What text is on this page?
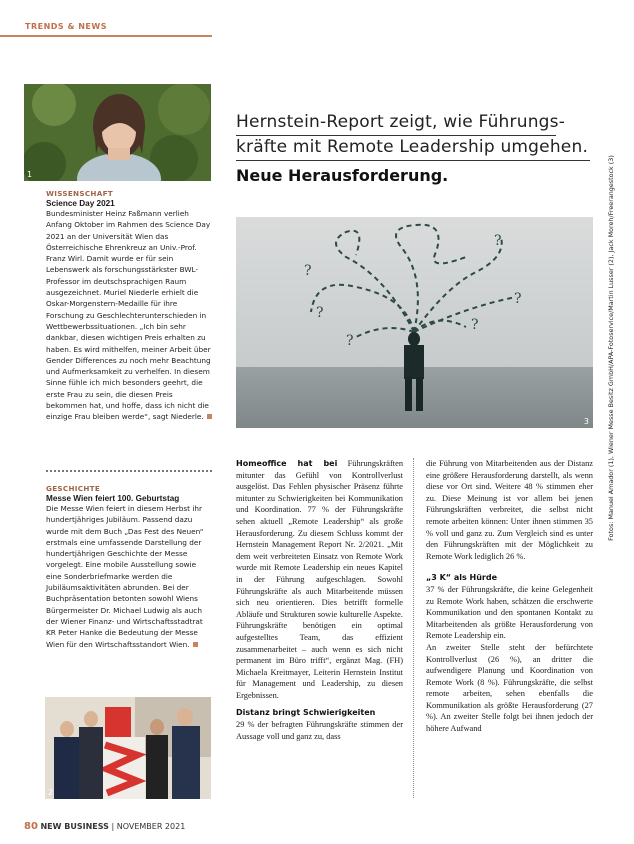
TRENDS & NEWS
1
WISSENSCHAFT
Science Day 2021
Bundesminister Heinz Faßmann verlieh Anfang Oktober im Rahmen des Science Day 2021 an der Universität Wien das Österreichische Ehrenkreuz an Univ.-Prof. Franz Wirl. Damit wurde er für sein Lebenswerk als forschungsstärkster BWL-Professor im deutschsprachigen Raum ausgezeichnet. Muriel Niederle erhielt die Oskar-Morgenstern-Medaille für ihre Forschung zu Geschlechterunterschieden in Wettbewerbssituationen. „Ich bin sehr dankbar, diesen wichtigen Preis erhalten zu haben. Es wird mithelfen, meiner Arbeit über Gender Differences zu noch mehr Beachtung und Aufmerksamkeit zu verhelfen. In diesem Sinne fühle ich mich besonders geehrt, die erste Frau zu sein, die diesen Preis bekommen hat, und hoffe, dass ich nicht die einzige Frau bleiben werde“, sagt Niederle.
GESCHICHTE
Messe Wien feiert 100. Geburtstag
Die Messe Wien feiert in diesem Herbst ihr hundertjähriges Jubiläum. Passend dazu wurde mit dem Buch „Das Fest des Neuen“ erstmals eine umfassende Darstellung der hundertjährigen Geschichte der Messe vorgelegt. Eine mobile Ausstellung sowie eine Sonderbriefmarke werden die Jubiläumsaktivitäten abrunden. Bei der Buchpräsentation betonten sowohl Wiens Bürgermeister Dr. Michael Ludwig als auch der Wiener Finanz- und Wirtschaftsstadtrat KR Peter Hanke die Bedeutung der Messe Wien für den Wirtschaftsstandort Wien.
2
Hernstein-Report zeigt, wie Führungs-
kräfte mit Remote Leadership umgehen.
Neue Herausforderung.
?
?
?
?
?
?
3
Homeoffice hat bei Führungskräften mitunter das Gefühl von Kontrollverlust ausgelöst. Das Fehlen physischer Präsenz führte mitunter zu Schwierigkeiten bei Kommunikation und Koordination. 77 % der Führungskräfte sehen aktuell „Remote Leadership“ als große Herausforderung. Zu diesem Schluss kommt der Hernstein Management Report Nr. 2/2021. „Mit dem weit verbreiteten Einsatz von Remote Work wurde mit Remote Leadership ein neues Kapitel in der Führung aufgeschlagen. Sowohl Führungskräfte als auch Mitarbeitende müssen sich neu orientieren. Dies betrifft formelle Abläufe und Strukturen sowie kulturelle Aspekte. Führungskräfte benötigen ein optimal aufgestelltes Team, das effizient zusammenarbeitet – auch wenn es sich nicht permanent im Büro trifft“, ergänzt Mag. (FH) Michaela Kreitmayer, Leiterin Hernstein Institut für Management und Leadership, zu diesen Ergebnissen.
Distanz bringt Schwierigkeiten
29 % der befragten Führungskräfte stimmen der Aussage voll und ganz zu, dass
die Führung von Mitarbeitenden aus der Distanz eine größere Herausforderung darstellt, als wenn diese vor Ort sind. Weitere 48 % stimmen eher zu. Diese Meinung ist vor allem bei jenen Führungskräften verbreitet, die selbst nicht remote arbeiten können: Unter ihnen stimmen 35 % voll und ganz zu. Zum Vergleich sind es unter den Führungskräften mit der Möglichkeit zu Remote Work lediglich 26 %.
„3 K“ als Hürde
37 % der Führungskräfte, die keine Gelegenheit zu Remote Work haben, schätzen die erschwerte Kommunikation und den spontanen Kontakt zu Mitarbeitenden als größte Herausforderung von Remote Leadership ein.
An zweiter Stelle steht der befürchtete Kontrollverlust (26 %), an dritter die aufwendigere Planung und Koordination von Remote Work (8 %). Führungskräfte, die selbst remote arbeiten, sehen ebenfalls die Kommunikation als größte Herausforderung (27 %). An zweiter Stelle folgt bei ihnen jedoch der höhere Aufwand
Fotos: Manuel Amador (1), Wiener Messe Besitz GmbH/APA-Fotoservice/Martin Lusser (2), Jack Moreh/Freerangestock (3)
80 NEW BUSINESS | NOVEMBER 2021
